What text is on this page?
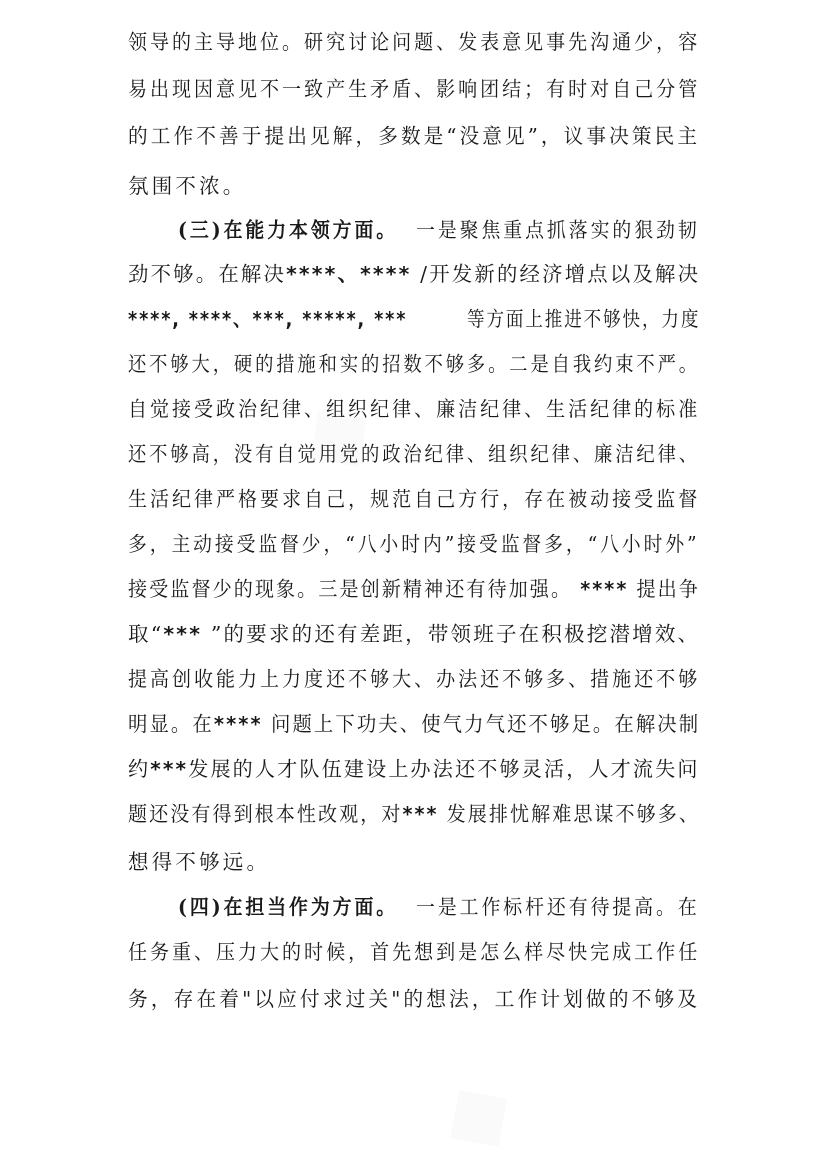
◆
◆
领导的主导地位。研究讨论问题、发表意见事先沟通少，容
易出现因意见不一致产生矛盾、影响团结；有时对自己分管
的工作不善于提出见解，多数是“没意见”，议事决策民主
氛围不浓。
(三)在能力本领方面。 一是聚焦重点抓落实的狠劲韧
劲不够。在解决****、**** /开发新的经济增点以及解决
****, ****、***, *****, ***        等方面上推进不够快，力度
还不够大，硬的措施和实的招数不够多。二是自我约束不严。
自觉接受政治纪律、组织纪律、廉洁纪律、生活纪律的标准
还不够高，没有自觉用党的政治纪律、组织纪律、廉洁纪律、
生活纪律严格要求自己，规范自己方行，存在被动接受监督
多，主动接受监督少，“八小时内”接受监督多，“八小时外”
接受监督少的现象。三是创新精神还有待加强。 **** 提出争
取“*** ”的要求的还有差距，带领班子在积极挖潜增效、
提高创收能力上力度还不够大、办法还不够多、措施还不够
明显。在**** 问题上下功夫、使气力气还不够足。在解决制
约***发展的人才队伍建设上办法还不够灵活，人才流失问
题还没有得到根本性改观，对*** 发展排忧解难思谋不够多、
想得不够远。
(四)在担当作为方面。 一是工作标杆还有待提高。在
任务重、压力大的时候，首先想到是怎么样尽快完成工作任
务，存在着"以应付求过关"的想法，工作计划做的不够及
